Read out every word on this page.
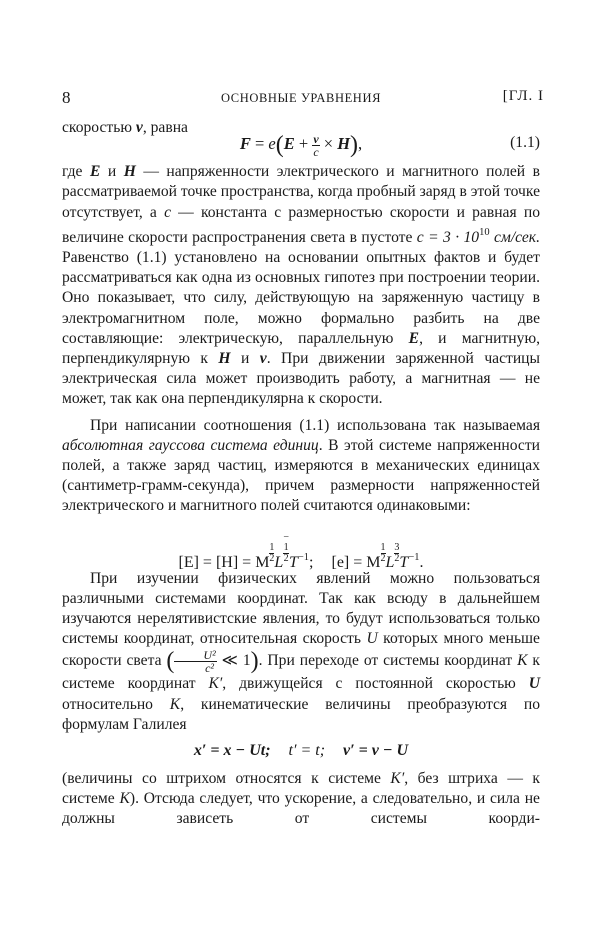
8	ОСНОВНЫЕ УРАВНЕНИЯ	[ГЛ. I

скоростью v, равна

$F = e(E + \frac{v}{c} \times H)$,	(1.1)

где E и H — напряженности электрического и магнитного полей в рассматриваемой точке пространства, когда пробный заряд в этой точке отсутствует, а c — константа с размерностью скорости и равная по величине скорости распространения света в пустоте $c = 3 \cdot 10^{10}$ см/сек. Равенство (1.1) установлено на основании опытных фактов и будет рассматриваться как одна из основных гипотез при построении теории. Оно показывает, что силу, действующую на заряженную частицу в электромагнитном поле, можно формально разбить на две составляющие: электрическую, параллельную E, и магнитную, перпендикулярную к H и v. При движении заряженной частицы электрическая сила может производить работу, а магнитная — не может, так как она перпендикулярна к скорости.

При написании соотношения (1.1) использована так называемая абсолютная гауссова система единиц. В этой системе напряженности полей, а также заряд частиц, измеряются в механических единицах (сантиметр-грамм-секунда), причем размерности напряженностей электрического и магнитного полей считаются одинаковыми:

[E] = [H] = M $\frac{1}{2}$ L −
1
2 $T^{-1}$; [e] = M $\frac{1}{2}$ L $\frac{3}{2} T^{-1}$.

При изучении физических явлений можно пользоваться различными системами координат. Так как всюду в дальнейшем изучаются нерелятивистские явления, то будут использоваться только системы координат, относительная скорость U которых много меньше скорости света ( $\frac{\text{U²}}{\text{c²}}$ ≪ 1). При переходе от системы координат K к системе координат K′, движущейся с постоянной скоростью U относительно K, кинематические величины преобразуются по формулам Галилея

x′ = x − Ut; t′ = t; v′ = v − U

(величины со штрихом относятся к системе K′, без штриха — к системе K). Отсюда следует, что ускорение, а следовательно, и сила не должны зависеть от системы коорди-
